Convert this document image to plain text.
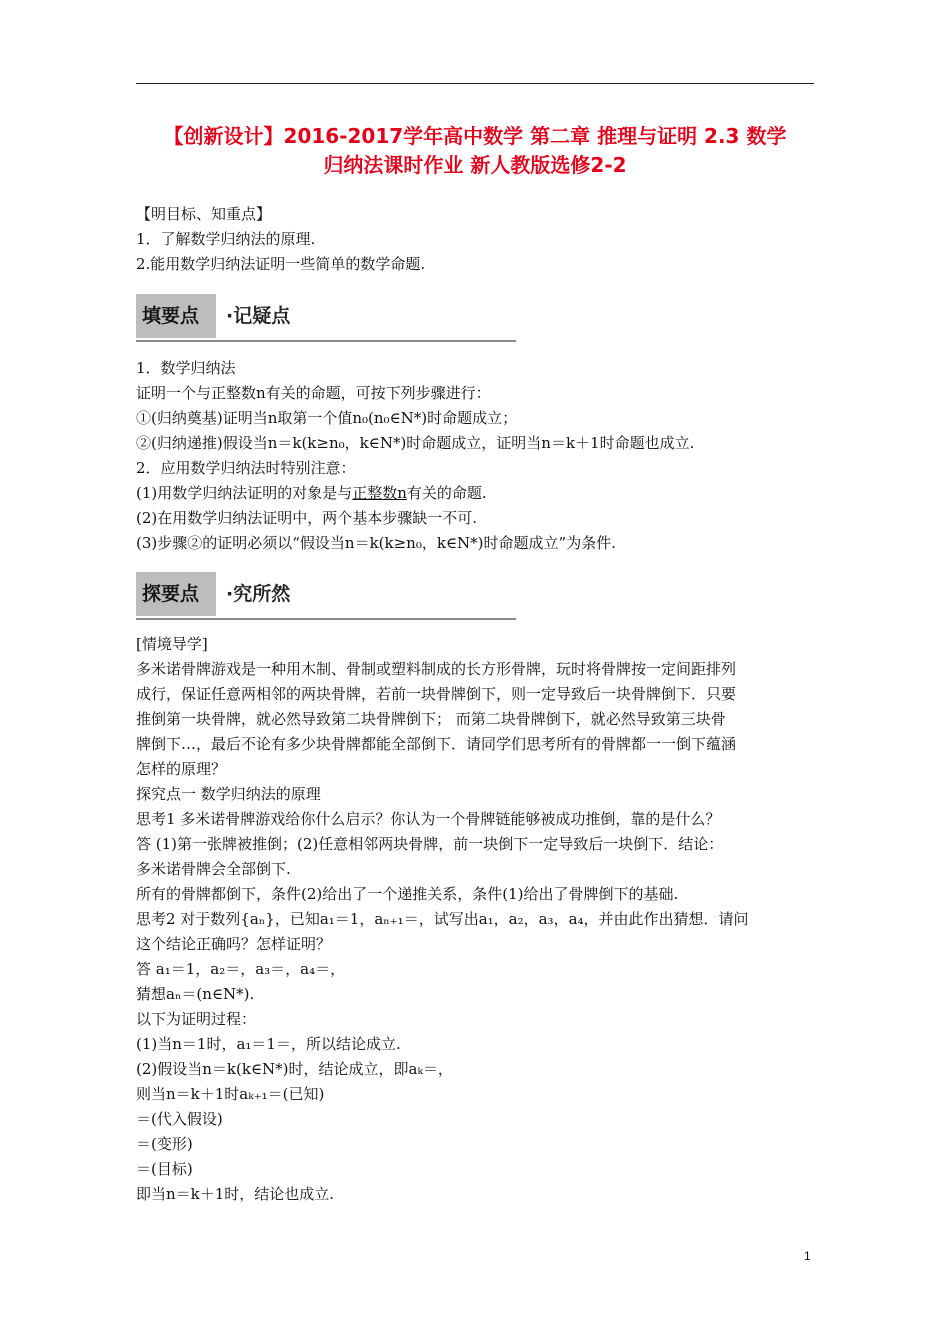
【创新设计】2016-2017学年高中数学 第二章 推理与证明 2.3 数学
归纳法课时作业 新人教版选修2-2

【明目标、知重点】

1．了解数学归纳法的原理.

2.能用数学归纳法证明一些简单的数学命题.

填要点	·记疑点

1．数学归纳法

证明一个与正整数n有关的命题，可按下列步骤进行：

①(归纳奠基)证明当n取第一个值n₀(n₀∈N*)时命题成立；

②(归纳递推)假设当n＝k(k≥n₀，k∈N*)时命题成立，证明当n＝k＋1时命题也成立.

2．应用数学归纳法时特别注意：

(1)用数学归纳法证明的对象是与正整数n有关的命题.

(2)在用数学归纳法证明中，两个基本步骤缺一不可.

(3)步骤②的证明必须以“假设当n＝k(k≥n₀，k∈N*)时命题成立”为条件.

探要点	·究所然

[情境导学]

多米诺骨牌游戏是一种用木制、骨制或塑料制成的长方形骨牌，玩时将骨牌按一定间距排列

成行，保证任意两相邻的两块骨牌，若前一块骨牌倒下，则一定导致后一块骨牌倒下．只要

推倒第一块骨牌，就必然导致第二块骨牌倒下； 而第二块骨牌倒下，就必然导致第三块骨

牌倒下…，最后不论有多少块骨牌都能全部倒下．请同学们思考所有的骨牌都一一倒下蕴涵

怎样的原理？

探究点一 数学归纳法的原理

思考1 多米诺骨牌游戏给你什么启示？你认为一个骨牌链能够被成功推倒，靠的是什么？

答 (1)第一张牌被推倒；(2)任意相邻两块骨牌，前一块倒下一定导致后一块倒下．结论：

多米诺骨牌会全部倒下.

所有的骨牌都倒下，条件(2)给出了一个递推关系，条件(1)给出了骨牌倒下的基础.

思考2 对于数列{aₙ}，已知a₁＝1，aₙ₊₁＝，试写出a₁，a₂，a₃，a₄，并由此作出猜想．请问

这个结论正确吗？怎样证明？

答 a₁＝1，a₂＝，a₃＝，a₄＝，

猜想aₙ＝(n∈N*).

以下为证明过程：

(1)当n＝1时，a₁＝1＝，所以结论成立.

(2)假设当n＝k(k∈N*)时，结论成立，即aₖ＝，

则当n＝k＋1时aₖ₊₁＝(已知)

＝(代入假设)

＝(变形)

＝(目标)

即当n＝k＋1时，结论也成立.

1
